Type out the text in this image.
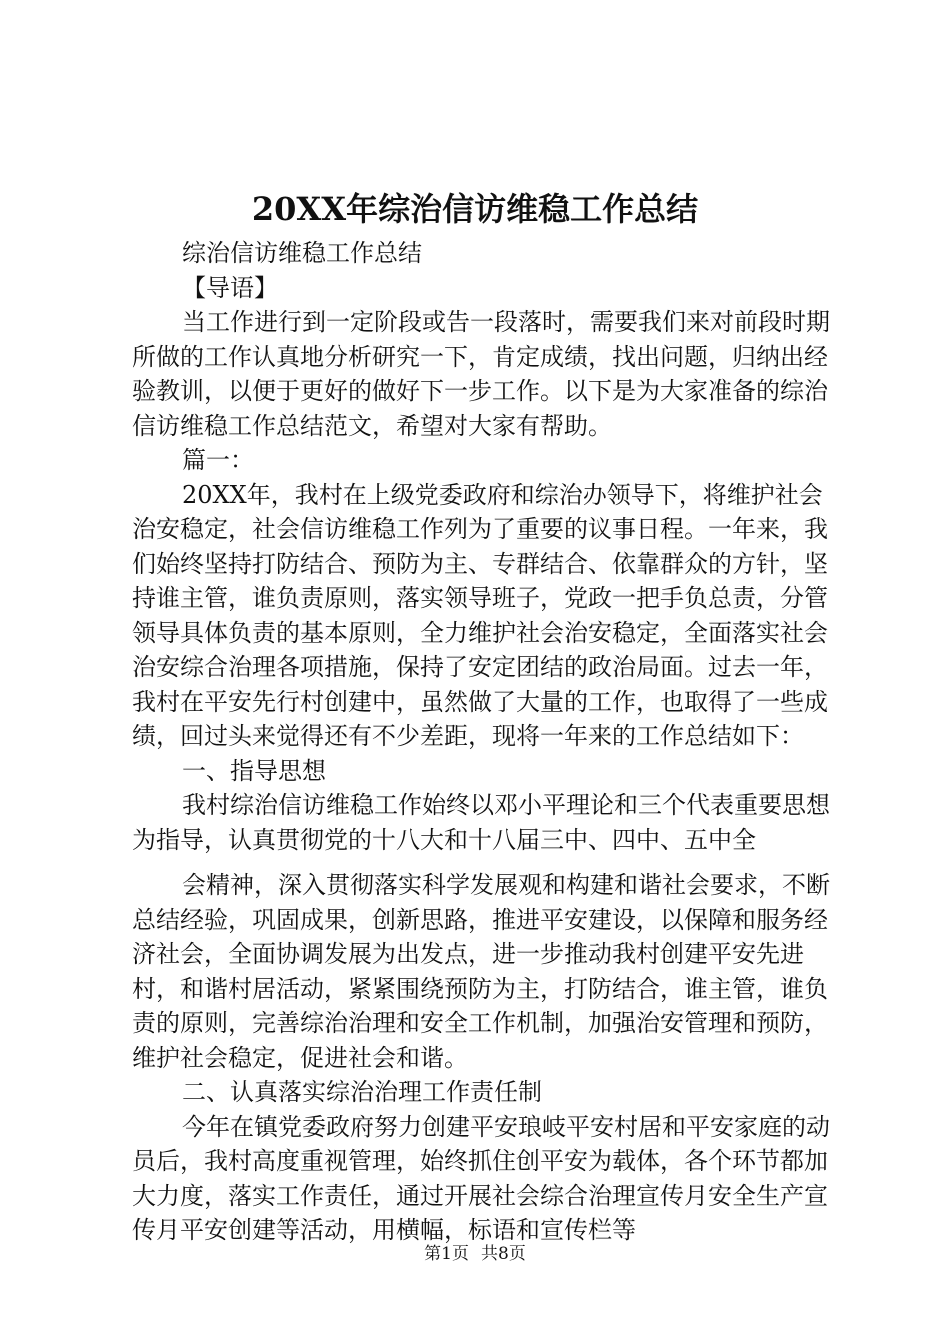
20XX年综治信访维稳工作总结

综治信访维稳工作总结

【导语】

当工作进行到一定阶段或告一段落时，需要我们来对前段时期所做的工作认真地分析研究一下，肯定成绩，找出问题，归纳出经验教训，以便于更好的做好下一步工作。以下是为大家准备的综治信访维稳工作总结范文，希望对大家有帮助。

篇一：

20XX年，我村在上级党委政府和综治办领导下，将维护社会治安稳定，社会信访维稳工作列为了重要的议事日程。一年来，我们始终坚持打防结合、预防为主、专群结合、依靠群众的方针，坚持谁主管，谁负责原则，落实领导班子，党政一把手负总责，分管领导具体负责的基本原则，全力维护社会治安稳定，全面落实社会治安综合治理各项措施，保持了安定团结的政治局面。过去一年，我村在平安先行村创建中，虽然做了大量的工作，也取得了一些成绩，回过头来觉得还有不少差距，现将一年来的工作总结如下：

一、指导思想

我村综治信访维稳工作始终以邓小平理论和三个代表重要思想为指导，认真贯彻党的十八大和十八届三中、四中、五中全

会精神，深入贯彻落实科学发展观和构建和谐社会要求，不断总结经验，巩固成果，创新思路，推进平安建设，以保障和服务经济社会，全面协调发展为出发点，进一步推动我村创建平安先进村，和谐村居活动，紧紧围绕预防为主，打防结合，谁主管，谁负责的原则，完善综治治理和安全工作机制，加强治安管理和预防，维护社会稳定，促进社会和谐。

二、认真落实综治治理工作责任制

今年在镇党委政府努力创建平安琅岐平安村居和平安家庭的动员后，我村高度重视管理，始终抓住创平安为载体，各个环节都加大力度，落实工作责任，通过开展社会综合治理宣传月安全生产宣传月平安创建等活动，用横幅，标语和宣传栏等

第1页 共8页
